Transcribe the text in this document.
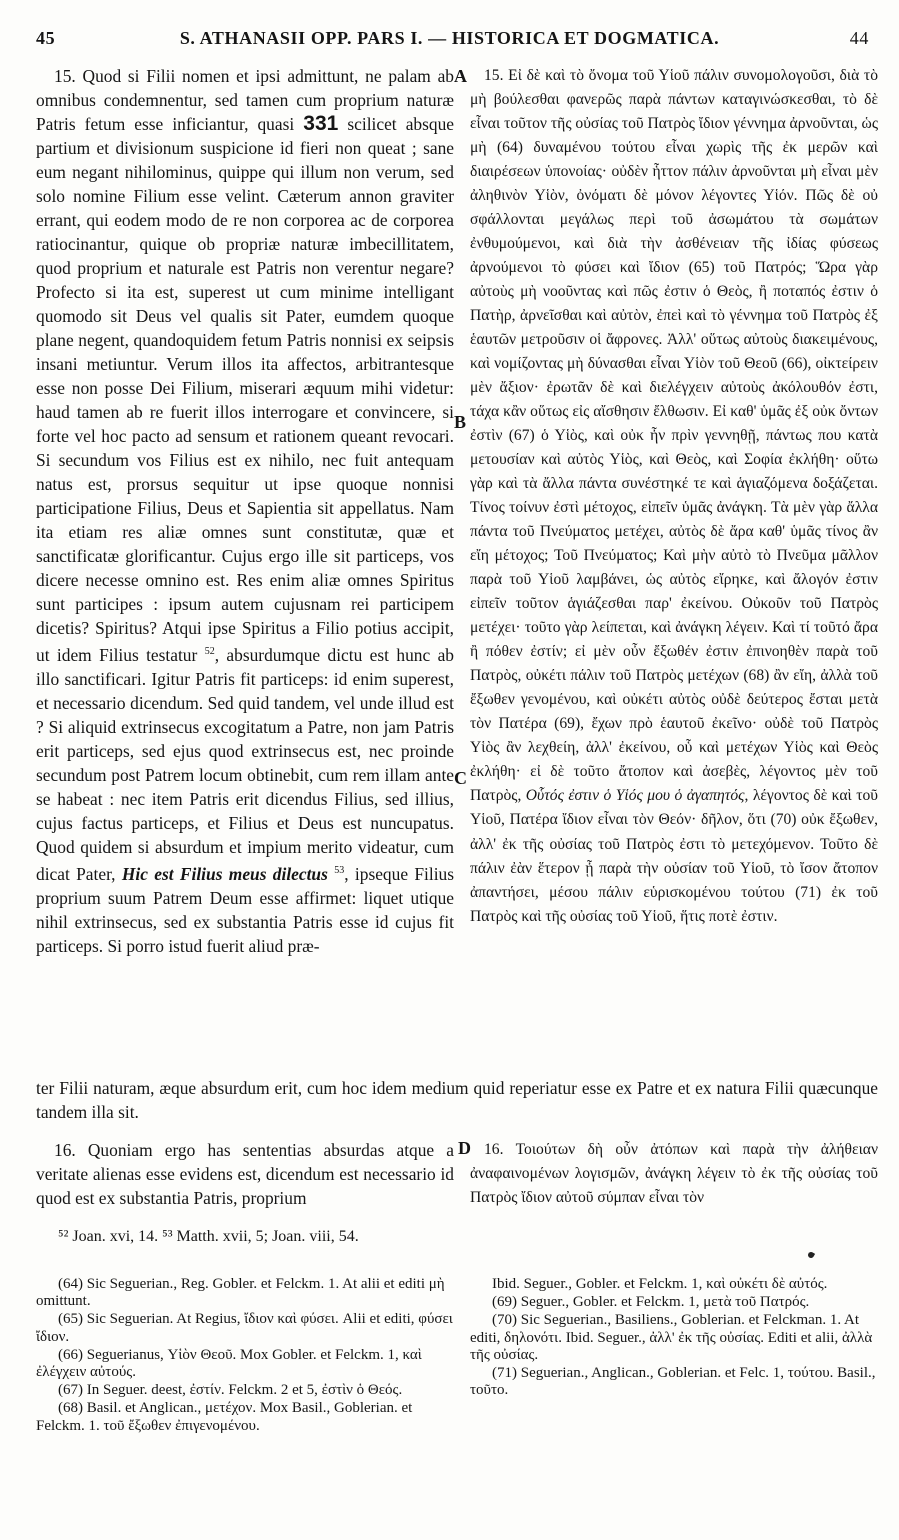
45	S. ATHANASII OPP. PARS I. — HISTORICA ET DOGMATICA.	44
A
B
C
D

15. Quod si Filii nomen et ipsi admittunt, ne palam ab omnibus condemnentur, sed tamen cum proprium naturæ Patris fetum esse inficiantur, quasi 331 scilicet absque partium et divisionum suspicione id fieri non queat ; sane eum negant nihilominus, quippe qui illum non verum, sed solo nomine Filium esse velint. Cæterum annon graviter errant, qui eodem modo de re non corporea ac de corporea ratiocinantur, quique ob propriæ naturæ imbecillitatem, quod proprium et naturale est Patris non verentur negare? Profecto si ita est, superest ut cum minime intelligant quomodo sit Deus vel qualis sit Pater, eumdem quoque plane negent, quandoquidem fetum Patris nonnisi ex seipsis insani metiuntur. Verum illos ita affectos, arbitrantesque esse non posse Dei Filium, miserari æquum mihi videtur: haud tamen ab re fuerit illos interrogare et convincere, si forte vel hoc pacto ad sensum et rationem queant revocari. Si secundum vos Filius est ex nihilo, nec fuit antequam natus est, prorsus sequitur ut ipse quoque nonnisi participatione Filius, Deus et Sapientia sit appellatus. Nam ita etiam res aliæ omnes sunt constitutæ, quæ et sanctificatæ glorificantur. Cujus ergo ille sit particeps, vos dicere necesse omnino est. Res enim aliæ omnes Spiritus sunt participes : ipsum autem cujusnam rei participem dicetis? Spiritus? Atqui ipse Spiritus a Filio potius accipit, ut idem Filius testatur $^{52}$, absurdumque dictu est hunc ab illo sanctificari. Igitur Patris fit particeps: id enim superest, et necessario dicendum. Sed quid tandem, vel unde illud est ? Si aliquid extrinsecus excogitatum a Patre, non jam Patris erit particeps, sed ejus quod extrinsecus est, nec proinde secundum post Patrem locum obtinebit, cum rem illam ante se habeat : nec item Patris erit dicendus Filius, sed illius, cujus factus particeps, et Filius et Deus est nuncupatus. Quod quidem si absurdum et impium merito videatur, cum dicat Pater, Hic est Filius meus dilectus $^{53}$, ipseque Filius proprium suum Patrem Deum esse affirmet: liquet utique nihil extrinsecus, sed ex substantia Patris esse id cujus fit particeps. Si porro istud fuerit aliud præ-

15. Εἰ δὲ καὶ τὸ ὄνομα τοῦ Υἱοῦ πάλιν συνομολογοῦσι, διὰ τὸ μὴ βούλεσθαι φανερῶς παρὰ πάντων καταγινώσκεσθαι, τὸ δὲ εἶναι τοῦτον τῆς οὐσίας τοῦ Πατρὸς ἴδιον γέννημα ἀρνοῦνται, ὡς μὴ (64) δυναμένου τούτου εἶναι χωρὶς τῆς ἐκ μερῶν καὶ διαιρέσεων ὑπονοίας· οὐδὲν ἧττον πάλιν ἀρνοῦνται μὴ εἶναι μὲν ἀληθινὸν Υἱὸν, ὀνόματι δὲ μόνον λέγοντες Υἱόν. Πῶς δὲ οὐ σφάλλονται μεγάλως περὶ τοῦ ἀσωμάτου τὰ σωμάτων ἐνθυμούμενοι, καὶ διὰ τὴν ἀσθένειαν τῆς ἰδίας φύσεως ἀρνούμενοι τὸ φύσει καὶ ἴδιον (65) τοῦ Πατρός; Ὥρα γὰρ αὐτοὺς μὴ νοοῦντας καὶ πῶς ἐστιν ὁ Θεὸς, ἢ ποταπός ἐστιν ὁ Πατὴρ, ἀρνεῖσθαι καὶ αὐτὸν, ἐπεὶ καὶ τὸ γέννημα τοῦ Πατρὸς ἐξ ἑαυτῶν μετροῦσιν οἱ ἄφρονες. Ἀλλ' οὕτως αὐτοὺς διακειμένους, καὶ νομίζοντας μὴ δύνασθαι εἶναι Υἱὸν τοῦ Θεοῦ (66), οἰκτείρειν μὲν ἄξιον· ἐρωτᾶν δὲ καὶ διελέγχειν αὐτοὺς ἀκόλουθόν ἐστι, τάχα κἂν οὕτως εἰς αἴσθησιν ἔλθωσιν. Εἰ καθ' ὑμᾶς ἐξ οὐκ ὄντων ἐστὶν (67) ὁ Υἱὸς, καὶ οὐκ ἦν πρὶν γεννηθῇ, πάντως που κατὰ μετουσίαν καὶ αὐτὸς Υἱὸς, καὶ Θεὸς, καὶ Σοφία ἐκλήθη· οὕτω γὰρ καὶ τὰ ἄλλα πάντα συνέστηκέ τε καὶ ἁγιαζόμενα δοξάζεται. Τίνος τοίνυν ἐστὶ μέτοχος, εἰπεῖν ὑμᾶς ἀνάγκη. Τὰ μὲν γὰρ ἄλλα πάντα τοῦ Πνεύματος μετέχει, αὐτὸς δὲ ἄρα καθ' ὑμᾶς τίνος ἂν εἴη μέτοχος; Τοῦ Πνεύματος; Καὶ μὴν αὐτὸ τὸ Πνεῦμα μᾶλλον παρὰ τοῦ Υἱοῦ λαμβάνει, ὡς αὐτὸς εἴρηκε, καὶ ἄλογόν ἐστιν εἰπεῖν τοῦτον ἁγιάζεσθαι παρ' ἐκείνου. Οὐκοῦν τοῦ Πατρὸς μετέχει· τοῦτο γὰρ λείπεται, καὶ ἀνάγκη λέγειν. Καὶ τί τοῦτό ἄρα ἢ πόθεν ἐστίν; εἰ μὲν οὖν ἔξωθέν ἐστιν ἐπινοηθὲν παρὰ τοῦ Πατρὸς, οὐκέτι πάλιν τοῦ Πατρὸς μετέχων (68) ἂν εἴη, ἀλλὰ τοῦ ἔξωθεν γενομένου, καὶ οὐκέτι αὐτὸς οὐδὲ δεύτερος ἔσται μετὰ τὸν Πατέρα (69), ἔχων πρὸ ἑαυτοῦ ἐκεῖνο· οὐδὲ τοῦ Πατρὸς Υἱὸς ἂν λεχθείη, ἀλλ' ἐκείνου, οὗ καὶ μετέχων Υἱὸς καὶ Θεὸς ἐκλήθη· εἰ δὲ τοῦτο ἄτοπον καὶ ἀσεβὲς, λέγοντος μὲν τοῦ Πατρὸς, Οὗτός ἐστιν ὁ Υἱός μου ὁ ἀγαπητός, λέγοντος δὲ καὶ τοῦ Υἱοῦ, Πατέρα ἴδιον εἶναι τὸν Θεόν· δῆλον, ὅτι (70) οὐκ ἔξωθεν, ἀλλ' ἐκ τῆς οὐσίας τοῦ Πατρὸς ἐστι τὸ μετεχόμενον. Τοῦτο δὲ πάλιν ἐὰν ἕτερον ᾖ παρὰ τὴν οὐσίαν τοῦ Υἱοῦ, τὸ ἴσον ἄτοπον ἀπαντήσει, μέσου πάλιν εὑρισκομένου τούτου (71) ἐκ τοῦ Πατρὸς καὶ τῆς οὐσίας τοῦ Υἱοῦ, ἥτις ποτὲ ἐστιν.

ter Filii naturam, æque absurdum erit, cum hoc idem medium quid reperiatur esse ex Patre et ex natura Filii quæcunque tandem illa sit.
16. Quoniam ergo has sententias absurdas atque a veritate alienas esse evidens est, dicendum est necessario id quod est ex substantia Patris, proprium
16. Τοιούτων δὴ οὖν ἀτόπων καὶ παρὰ τὴν ἀλήθειαν ἀναφαινομένων λογισμῶν, ἀνάγκη λέγειν τὸ ἐκ τῆς οὐσίας τοῦ Πατρὸς ἴδιον αὐτοῦ σύμπαν εἶναι τὸν
⁵² Joan. xvi, 14. ⁵³ Matth. xvii, 5; Joan. viii, 54.

(64) Sic Seguerian., Reg. Gobler. et Felckm. 1. At alii et editi μὴ omittunt.

(65) Sic Seguerian. At Regius, ἴδιον καὶ φύσει. Alii et editi, φύσει ἴδιον.

(66) Seguerianus, Υἱὸν Θεοῦ. Mox Gobler. et Felckm. 1, καὶ ἐλέγχειν αὐτούς.

(67) In Seguer. deest, ἐστίν. Felckm. 2 et 5, ἐστὶν ὁ Θεός.

(68) Basil. et Anglican., μετέχον. Mox Basil., Goblerian. et Felckm. 1. τοῦ ἔξωθεν ἐπιγενομένου.

Ibid. Seguer., Gobler. et Felckm. 1, καὶ οὐκέτι δὲ αὐτός.

(69) Seguer., Gobler. et Felckm. 1, μετὰ τοῦ Πατρός.

(70) Sic Seguerian., Basiliens., Goblerian. et Felckman. 1. At editi, δηλονότι. Ibid. Seguer., ἀλλ' ἐκ τῆς οὐσίας. Editi et alii, ἀλλὰ τῆς οὐσίας.

(71) Seguerian., Anglican., Goblerian. et Felc. 1, τούτου. Basil., τοῦτο.
